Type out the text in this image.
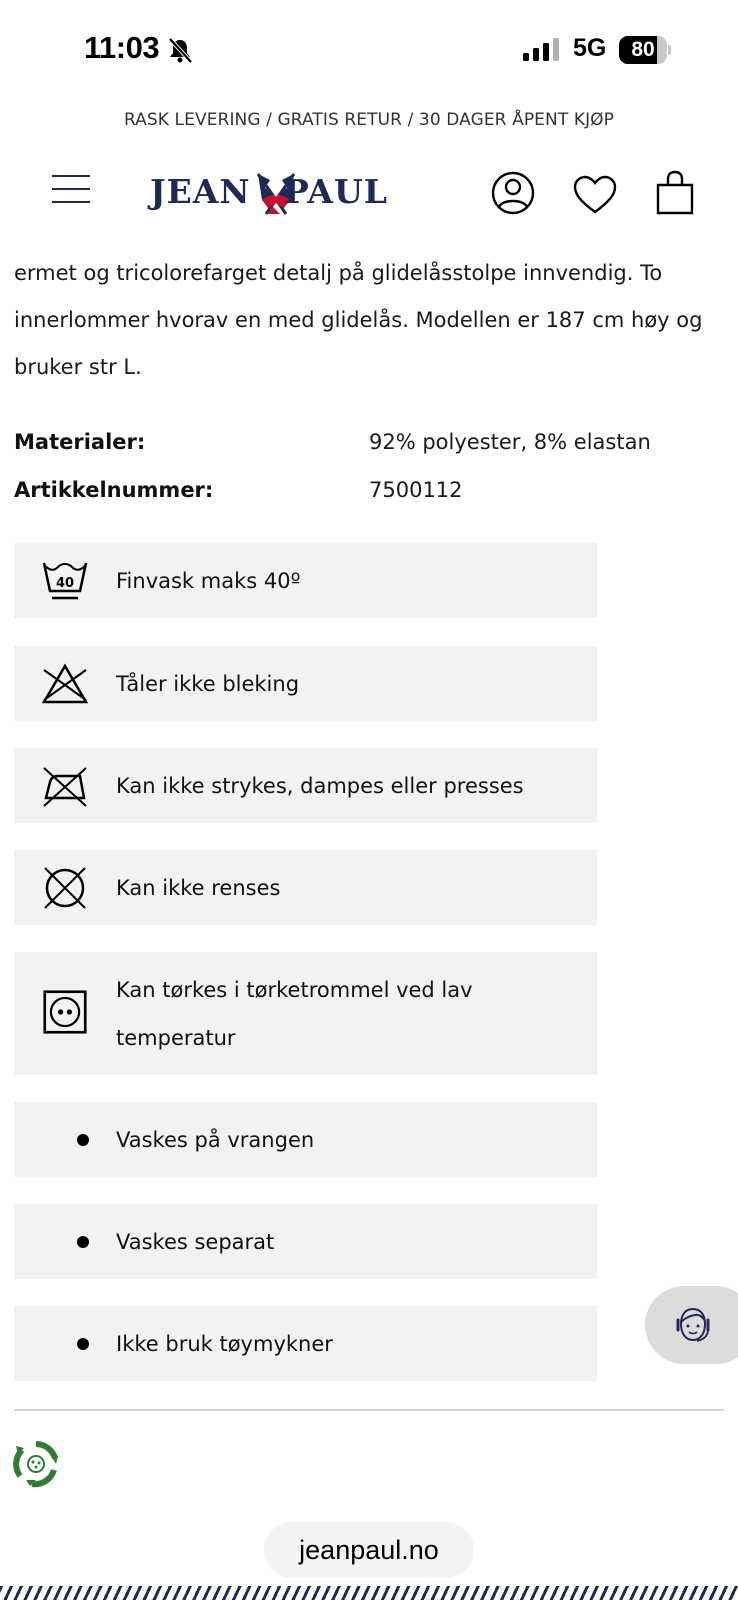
11:03	5G	80
RASK LEVERING / GRATIS RETUR / 30 DAGER ÅPENT KJØP
JEAN PAUL
ermet og tricolorefarget detalj på glidelåsstolpe innvendig. To innerlommer hvorav en med glidelås. Modellen er 187 cm høy og bruker str L.
Materialer:	92% polyester, 8% elastan
Artikkelnummer:	7500112
40 Finvask maks 40º
Tåler ikke bleking
Kan ikke strykes, dampes eller presses
Kan ikke renses
Kan tørkes i tørketrommel ved lav temperatur
Vaskes på vrangen
Vaskes separat
Ikke bruk tøymykner
jeanpaul.no
